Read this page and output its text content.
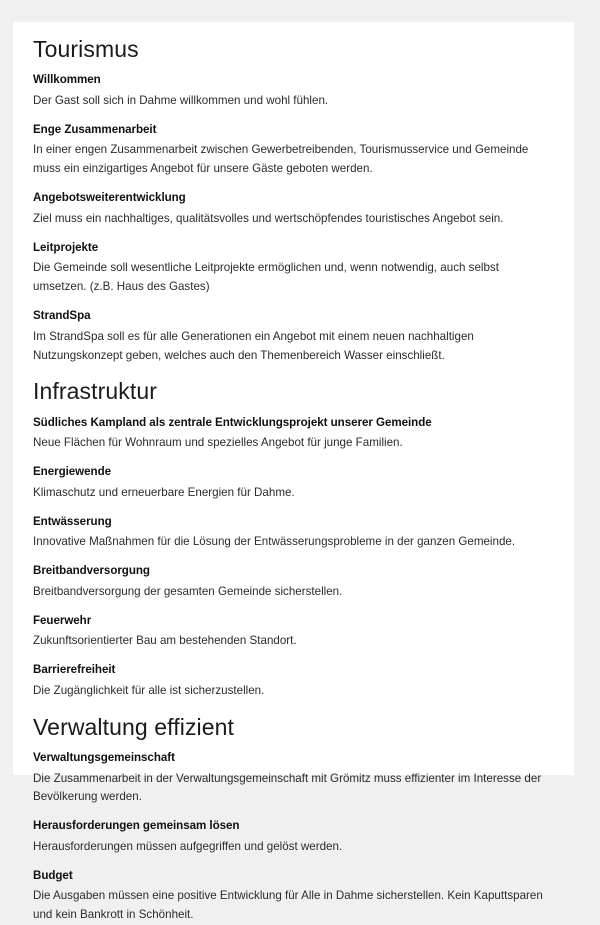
Tourismus
Willkommen

Der Gast soll sich in Dahme willkommen und wohl fühlen.

Enge Zusammenarbeit

In einer engen Zusammenarbeit zwischen Gewerbetreibenden, Tourismusservice und Gemeinde muss ein einzigartiges Angebot für unsere Gäste geboten werden.

Angebotsweiterentwicklung

Ziel muss ein nachhaltiges, qualitätsvolles und wertschöpfendes touristisches Angebot sein.

Leitprojekte

Die Gemeinde soll wesentliche Leitprojekte ermöglichen und, wenn notwendig, auch selbst umsetzen. (z.B. Haus des Gastes)

StrandSpa

Im StrandSpa soll es für alle Generationen ein Angebot mit einem neuen nachhaltigen Nutzungskonzept geben, welches auch den Themenbereich Wasser einschließt.

Infrastruktur
Südliches Kampland als zentrale Entwicklungsprojekt unserer Gemeinde

Neue Flächen für Wohnraum und spezielles Angebot für junge Familien.

Energiewende

Klimaschutz und erneuerbare Energien für Dahme.

Entwässerung

Innovative Maßnahmen für die Lösung der Entwässerungsprobleme in der ganzen Gemeinde.

Breitbandversorgung

Breitbandversorgung der gesamten Gemeinde sicherstellen.

Feuerwehr

Zukunftsorientierter Bau am bestehenden Standort.

Barrierefreiheit

Die Zugänglichkeit für alle ist sicherzustellen.

Verwaltung effizient
Verwaltungsgemeinschaft

Die Zusammenarbeit in der Verwaltungsgemeinschaft mit Grömitz muss effizienter im Interesse der Bevölkerung werden.

Herausforderungen gemeinsam lösen

Herausforderungen müssen aufgegriffen und gelöst werden.

Budget

Die Ausgaben müssen eine positive Entwicklung für Alle in Dahme sicherstellen. Kein Kaputtsparen und kein Bankrott in Schönheit.
